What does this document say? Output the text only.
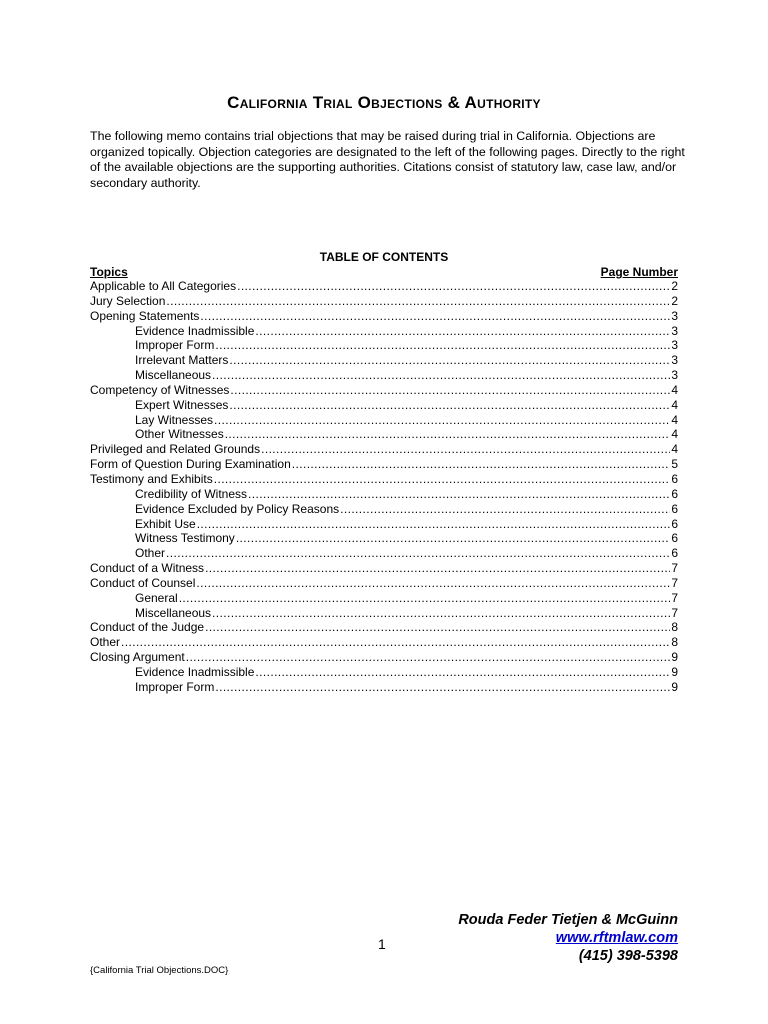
California Trial Objections & Authority
The following memo contains trial objections that may be raised during trial in California. Objections are organized topically. Objection categories are designated to the left of the following pages. Directly to the right of the available objections are the supporting authorities. Citations consist of statutory law, case law, and/or secondary authority.
TABLE OF CONTENTS
Topics	Page Number
Applicable to All Categories .....	2
Jury Selection .....	2
Opening Statements .....	3
Evidence Inadmissible .....	3
Improper Form .....	3
Irrelevant Matters .....	3
Miscellaneous .....	3
Competency of Witnesses .....	4
Expert Witnesses .....	4
Lay Witnesses .....	4
Other Witnesses .....	4
Privileged and Related Grounds .....	4
Form of Question During Examination .....	5
Testimony and Exhibits .....	6
Credibility of Witness .....	6
Evidence Excluded by Policy Reasons .....	6
Exhibit Use .....	6
Witness Testimony .....	6
Other .....	6
Conduct of a Witness .....	7
Conduct of Counsel .....	7
General .....	7
Miscellaneous .....	7
Conduct of the Judge .....	8
Other .....	8
Closing Argument .....	9
Evidence Inadmissible .....	9
Improper Form .....	9
1
Rouda Feder Tietjen & McGuinn
www.rftmlaw.com
(415) 398-5398
{California Trial Objections.DOC}
